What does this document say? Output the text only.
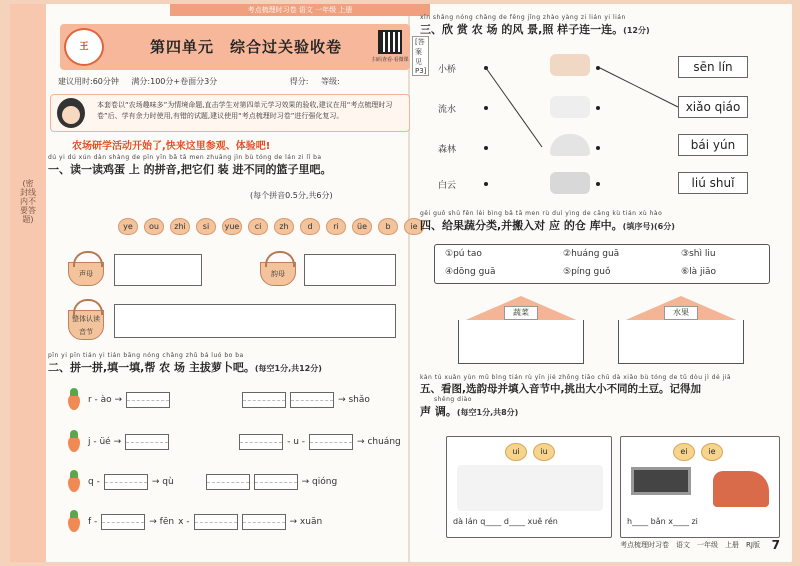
(密封线内不要答题)
考点梳理时习卷 语文 一年级 上册
王	第四单元　综合过关验收卷
扫码查看·看微课
[答案见P3]
建议用时:60分钟 满分:100分+卷面分3分	得分: 等级:
本套卷以“农场趣味多”为情境命题,直击学生对第四单元学习效果的验收,建议在用“考点梳理时习卷”后、学有余力时使用,有错的试题,建议使用“考点梳理时习卷”进行强化复习。
农场研学活动开始了,快来这里参观、体验吧!
dú yi dú xún dàn shàng de pīn yīn bǎ tā men zhuāng jìn bù tóng de lán zi lǐ ba
一、读一读鸡蛋 上 的拼音,把它们 装 进不同的篮子里吧。
(每个拼音0.5分,共6分)
ye	ou	zhi	si	yue	ci	zh	d	ri	üe	b	ie
声母	韵母
整体认读音节
pīn yi pīn tián yi tián bāng nóng chǎng zhǔ bá luó bo ba
二、拼一拼,填一填,帮 农 场 主拔萝卜吧。(每空1分,共12分)
r - ào →	→ shǎo
j - üé →	- u -	→ chuáng
q -	→ qù	→ qióng
f -	→ fēn x -	→ xuān
xīn shǎng nóng chǎng de fēng jǐng zhào yàng zi lián yi lián
三、欣 赏 农 场 的风 景,照 样子连一连。(12分)
小桥
流水
森林
白云
sēn lín
xiǎo qiáo
bái yún
liú shuǐ
gěi guǒ shū fēn lèi bìng bǎ tā men rù duì yìng de cāng kù tián xù hào
四、给果蔬分类,并搬入对 应 的仓 库中。(填序号)(6分)
①pú tao	②huáng guā	③shì liu
④dōng guā	⑤píng guǒ	⑥là jiāo
蔬菜	水果
kàn tú xuǎn yùn mǔ bìng tián rù yīn jié zhōng tiāo chū dà xiǎo bù tóng de tǔ dòu jì dé jiā
五、看图,选韵母并填入音节中,挑出大小不同的土豆。记得加
shēng diào
声 调。(每空1分,共8分)
ui	iu
dà lán q____ d____ xuě rén
ei	ie
h____ bǎn x____ zi
考点梳理时习卷　语文　一年级　上册　RJ版 7
